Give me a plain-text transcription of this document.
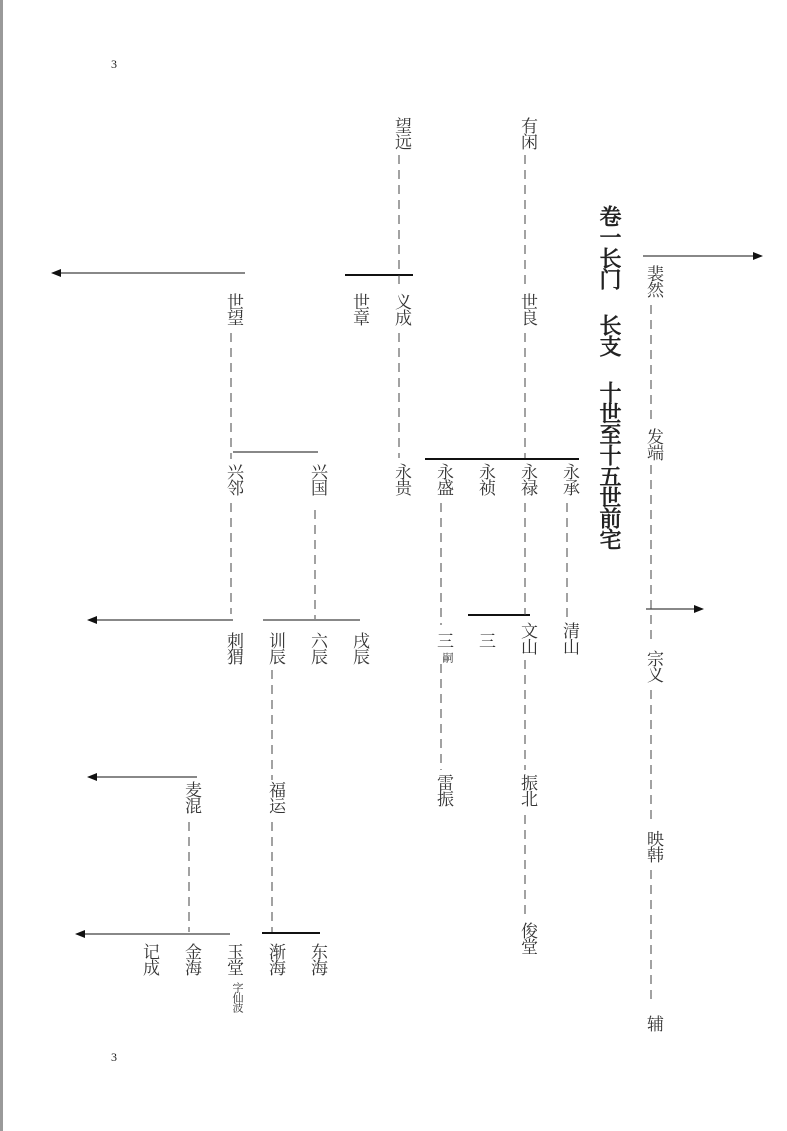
3
3
卷一长门 长支 十世至十五世前宅
望远	有闲
世望	世章 义成	世良
兴邻	兴国	永贵 永盛 永祯 永禄 永承
刺猬 训辰 六辰 戌辰	三
嗣
三 文山 清山
麦混	福运	雷振	振北
记成 金海 玉堂
字仙波
渐海 东海
俊堂
裴然
发端
宗义
映韩
辅
